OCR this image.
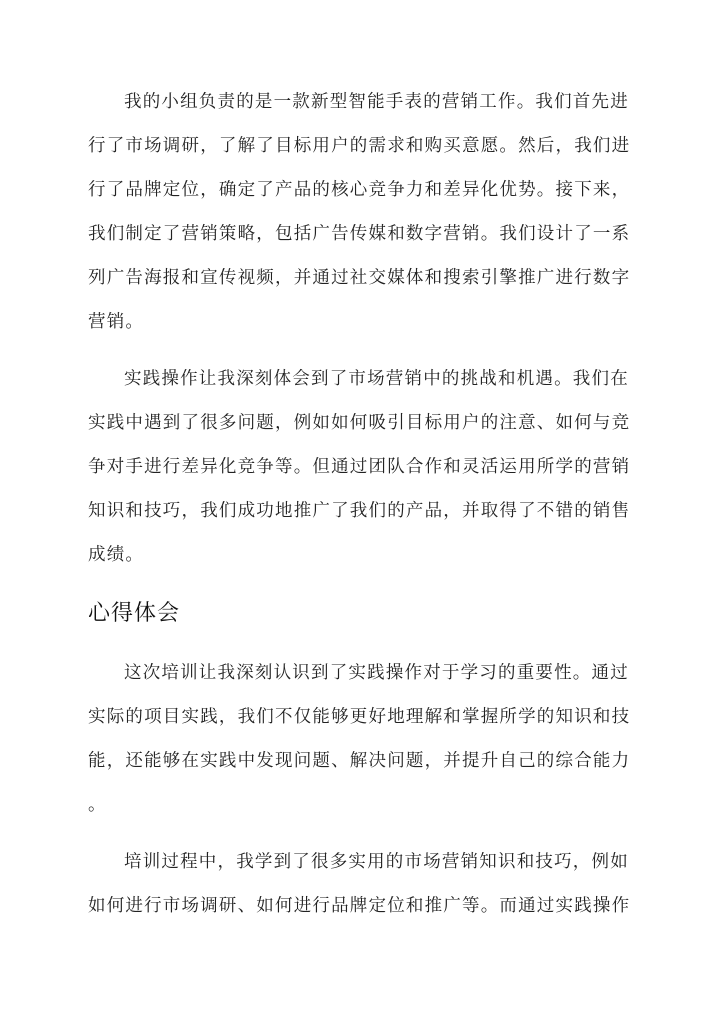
我的小组负责的是一款新型智能手表的营销工作。我们首先进
行了市场调研，了解了目标用户的需求和购买意愿。然后，我们进
行了品牌定位，确定了产品的核心竞争力和差异化优势。接下来，
我们制定了营销策略，包括广告传媒和数字营销。我们设计了一系
列广告海报和宣传视频，并通过社交媒体和搜索引擎推广进行数字
营销。
实践操作让我深刻体会到了市场营销中的挑战和机遇。我们在
实践中遇到了很多问题，例如如何吸引目标用户的注意、如何与竞
争对手进行差异化竞争等。但通过团队合作和灵活运用所学的营销
知识和技巧，我们成功地推广了我们的产品，并取得了不错的销售
成绩。
心得体会
这次培训让我深刻认识到了实践操作对于学习的重要性。通过
实际的项目实践，我们不仅能够更好地理解和掌握所学的知识和技
能，还能够在实践中发现问题、解决问题，并提升自己的综合能力
。
培训过程中，我学到了很多实用的市场营销知识和技巧，例如
如何进行市场调研、如何进行品牌定位和推广等。而通过实践操作
